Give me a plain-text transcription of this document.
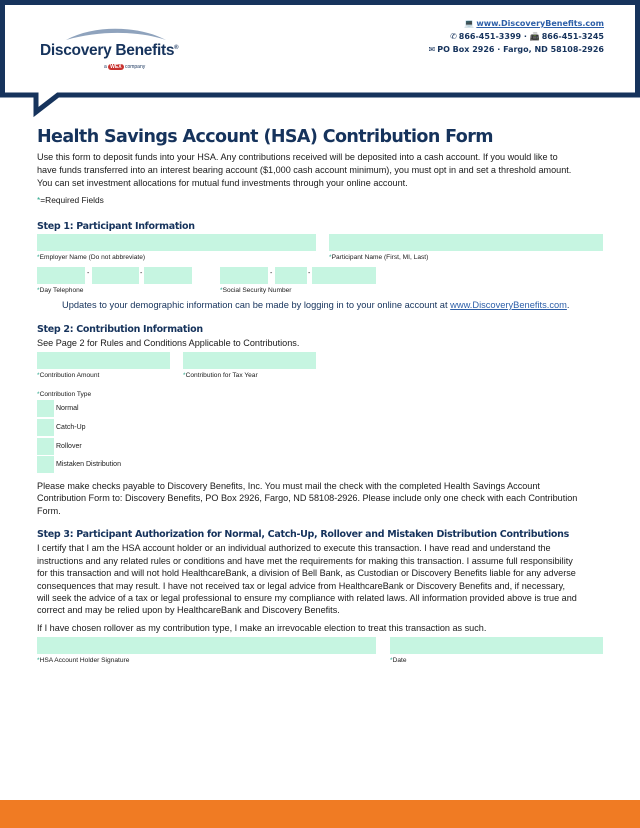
Discovery Benefits®
a WEX company
💻 www.DiscoveryBenefits.com
✆ 866-451-3399 · 📠 866-451-3245
✉ PO Box 2926 · Fargo, ND 58108-2926
Health Savings Account (HSA) Contribution Form
Use this form to deposit funds into your HSA. Any contributions received will be deposited into a cash account. If you would like to
have funds transferred into an interest bearing account ($1,000 cash account minimum), you must opt in and set a threshold amount.
You can set investment allocations for mutual fund investments through your online account.
*=Required Fields
Step 1: Participant Information
*Employer Name (Do not abbreviate)	*Participant Name (First, MI, Last)
-	-	-	-
*Day Telephone	*Social Security Number
Updates to your demographic information can be made by logging in to your online account at www.DiscoveryBenefits.com.
Step 2: Contribution Information
See Page 2 for Rules and Conditions Applicable to Contributions.
*Contribution Amount	*Contribution for Tax Year
*Contribution Type
Normal
Catch-Up
Rollover
Mistaken Distribution
Please make checks payable to Discovery Benefits, Inc. You must mail the check with the completed Health Savings Account
Contribution Form to: Discovery Benefits, PO Box 2926, Fargo, ND 58108-2926. Please include only one check with each Contribution
Form.
Step 3: Participant Authorization for Normal, Catch-Up, Rollover and Mistaken Distribution Contributions
I certify that I am the HSA account holder or an individual authorized to execute this transaction. I have read and understand the
instructions and any related rules or conditions and have met the requirements for making this transaction. I assume full responsibility
for this transaction and will not hold HealthcareBank, a division of Bell Bank, as Custodian or Discovery Benefits liable for any adverse
consequences that may result. I have not received tax or legal advice from HealthcareBank or Discovery Benefits and, if necessary,
will seek the advice of a tax or legal professional to ensure my compliance with related laws. All information provided above is true and
correct and may be relied upon by HealthcareBank and Discovery Benefits.
If I have chosen rollover as my contribution type, I make an irrevocable election to treat this transaction as such.
*HSA Account Holder Signature	*Date
